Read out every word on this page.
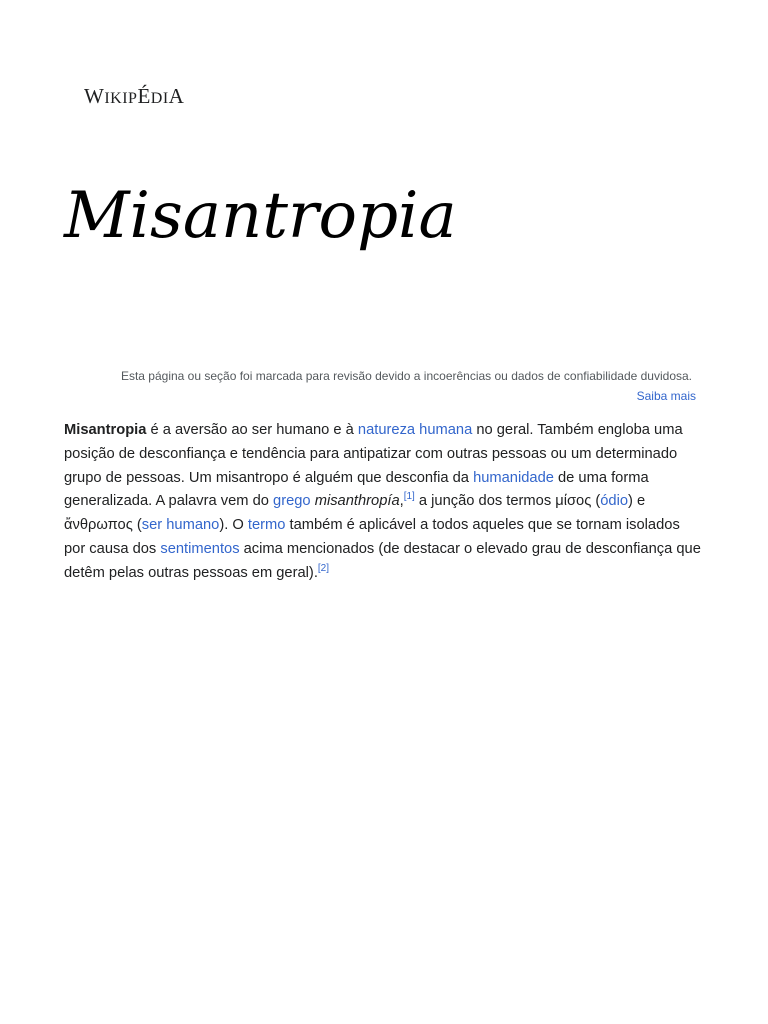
WIKIPÉDIA
Misantropia
Esta página ou seção foi marcada para revisão devido a incoerências ou dados de confiabilidade duvidosa.
Saiba mais

Misantropia é a aversão ao ser humano e à natureza humana no geral. Também engloba uma posição de desconfiança e tendência para antipatizar com outras pessoas ou um determinado grupo de pessoas. Um misantropo é alguém que desconfia da humanidade de uma forma generalizada. A palavra vem do grego misanthropía,[1] a junção dos termos μίσος (ódio) e ἄνθρωπος (ser humano). O termo também é aplicável a todos aqueles que se tornam isolados por causa dos sentimentos acima mencionados (de destacar o elevado grau de desconfiança que detêm pelas outras pessoas em geral).[2]
